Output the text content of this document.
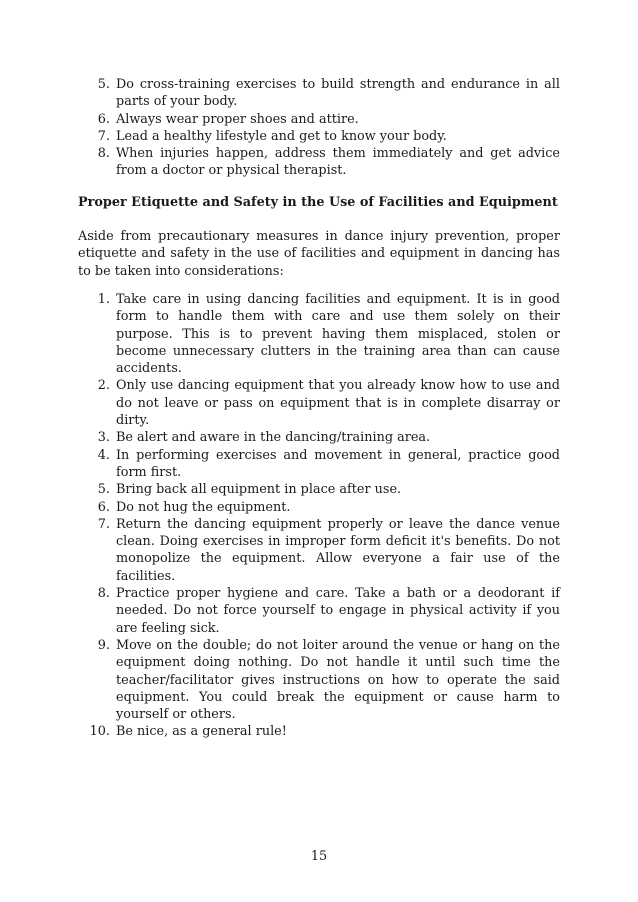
5. Do cross-training exercises to build strength and endurance in all parts of your body.
6. Always wear proper shoes and attire.
7. Lead a healthy lifestyle and get to know your body.
8. When injuries happen, address them immediately and get advice from a doctor or physical therapist.
Proper Etiquette and Safety in the Use of Facilities and Equipment

Aside from precautionary measures in dance injury prevention, proper etiquette and safety in the use of facilities and equipment in dancing has to be taken into considerations:

1. Take care in using dancing facilities and equipment. It is in good form to handle them with care and use them solely on their purpose. This is to prevent having them misplaced, stolen or become unnecessary clutters in the training area than can cause accidents.
2. Only use dancing equipment that you already know how to use and do not leave or pass on equipment that is in complete disarray or dirty.
3. Be alert and aware in the dancing/training area.
4. In performing exercises and movement in general, practice good form first.
5. Bring back all equipment in place after use.
6. Do not hug the equipment.
7. Return the dancing equipment properly or leave the dance venue clean. Doing exercises in improper form deficit it's benefits. Do not monopolize the equipment. Allow everyone a fair use of the facilities.
8. Practice proper hygiene and care. Take a bath or a deodorant if needed. Do not force yourself to engage in physical activity if you are feeling sick.
9. Move on the double; do not loiter around the venue or hang on the equipment doing nothing. Do not handle it until such time the teacher/facilitator gives instructions on how to operate the said equipment. You could break the equipment or cause harm to yourself or others.
10. Be nice, as a general rule!
15
